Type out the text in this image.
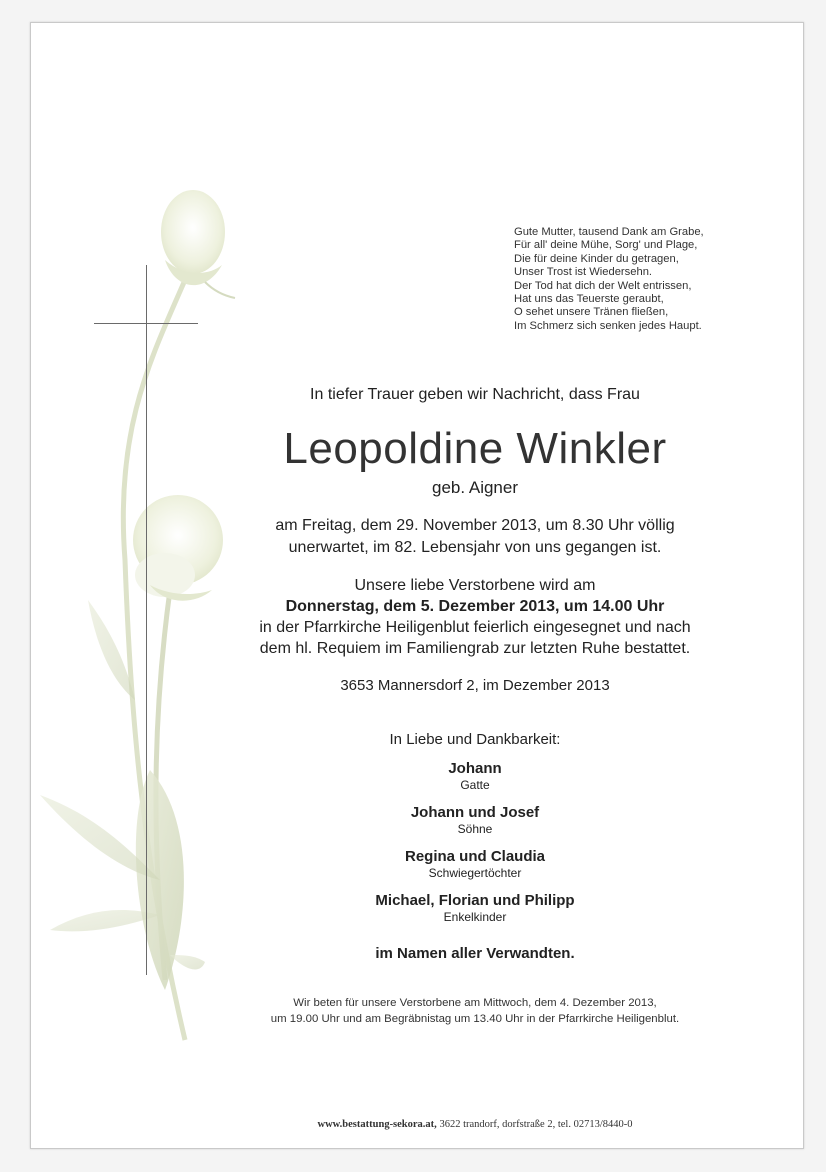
Gute Mutter, tausend Dank am Grabe,
Für all' deine Mühe, Sorg' und Plage,
Die für deine Kinder du getragen,
Unser Trost ist Wiedersehn.
Der Tod hat dich der Welt entrissen,
Hat uns das Teuerste geraubt,
O sehet unsere Tränen fließen,
Im Schmerz sich senken jedes Haupt.
In tiefer Trauer geben wir Nachricht, dass Frau
Leopoldine Winkler
geb. Aigner
am Freitag, dem 29. November 2013, um 8.30 Uhr völlig
unerwartet, im 82. Lebensjahr von uns gegangen ist.
Unsere liebe Verstorbene wird am
Donnerstag, dem 5. Dezember 2013, um 14.00 Uhr
in der Pfarrkirche Heiligenblut feierlich eingesegnet und nach
dem hl. Requiem im Familiengrab zur letzten Ruhe bestattet.
3653 Mannersdorf 2, im Dezember 2013
In Liebe und Dankbarkeit:
Johann
Gatte
Johann und Josef
Söhne
Regina und Claudia
Schwiegertöchter
Michael, Florian und Philipp
Enkelkinder
im Namen aller Verwandten.
Wir beten für unsere Verstorbene am Mittwoch, dem 4. Dezember 2013,
um 19.00 Uhr und am Begräbnistag um 13.40 Uhr in der Pfarrkirche Heiligenblut.
www.bestattung-sekora.at, 3622 trandorf, dorfstraße 2, tel. 02713/8440-0
